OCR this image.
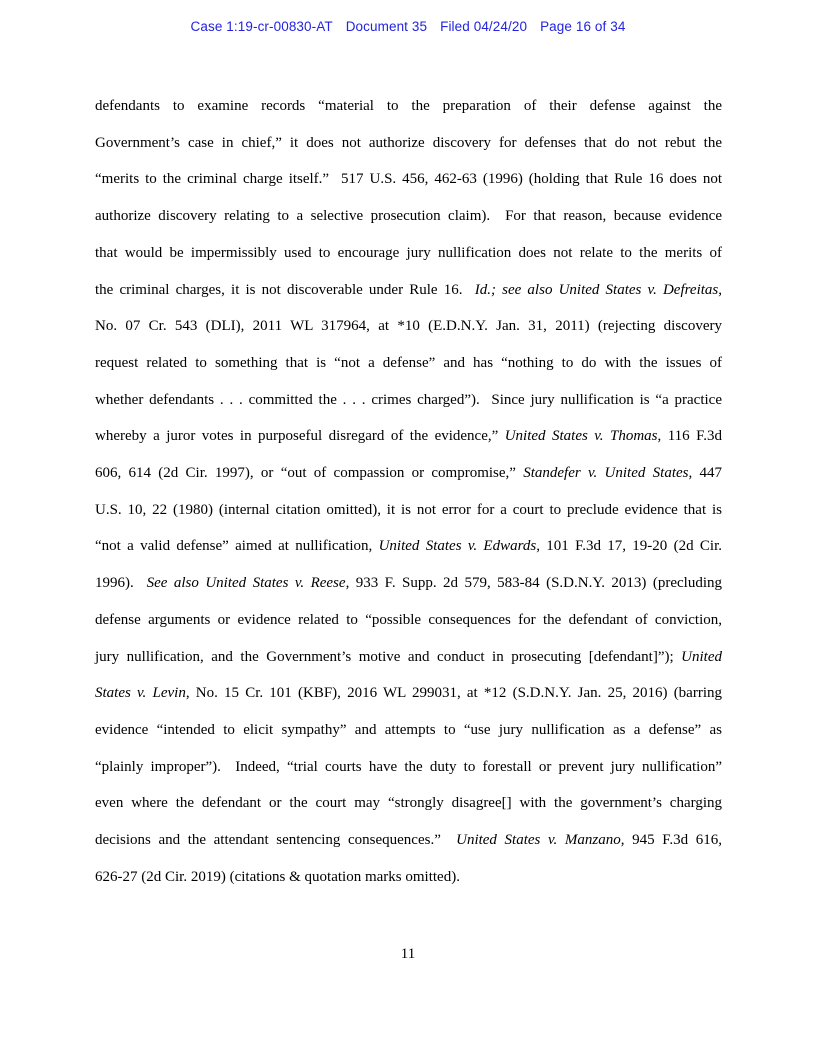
Case 1:19-cr-00830-AT Document 35 Filed 04/24/20 Page 16 of 34
defendants to examine records “material to the preparation of their defense against the
Government’s case in chief,” it does not authorize discovery for defenses that do not rebut the
“merits to the criminal charge itself.”  517 U.S. 456, 462-63 (1996) (holding that Rule 16 does not
authorize discovery relating to a selective prosecution claim).  For that reason, because evidence
that would be impermissibly used to encourage jury nullification does not relate to the merits of
the criminal charges, it is not discoverable under Rule 16.  Id.; see also United States v. Defreitas,
No. 07 Cr. 543 (DLI), 2011 WL 317964, at *10 (E.D.N.Y. Jan. 31, 2011) (rejecting discovery
request related to something that is “not a defense” and has “nothing to do with the issues of
whether defendants . . . committed the . . . crimes charged”).  Since jury nullification is “a practice
whereby a juror votes in purposeful disregard of the evidence,” United States v. Thomas, 116 F.3d
606, 614 (2d Cir. 1997), or “out of compassion or compromise,” Standefer v. United States, 447
U.S. 10, 22 (1980) (internal citation omitted), it is not error for a court to preclude evidence that is
“not a valid defense” aimed at nullification, United States v. Edwards, 101 F.3d 17, 19-20 (2d Cir.
1996).  See also United States v. Reese, 933 F. Supp. 2d 579, 583-84 (S.D.N.Y. 2013) (precluding
defense arguments or evidence related to “possible consequences for the defendant of conviction,
jury nullification, and the Government’s motive and conduct in prosecuting [defendant]”); United
States v. Levin, No. 15 Cr. 101 (KBF), 2016 WL 299031, at *12 (S.D.N.Y. Jan. 25, 2016) (barring
evidence “intended to elicit sympathy” and attempts to “use jury nullification as a defense” as
“plainly improper”).  Indeed, “trial courts have the duty to forestall or prevent jury nullification”
even where the defendant or the court may “strongly disagree[] with the government’s charging
decisions and the attendant sentencing consequences.”  United States v. Manzano, 945 F.3d 616,
626-27 (2d Cir. 2019) (citations & quotation marks omitted).
11
